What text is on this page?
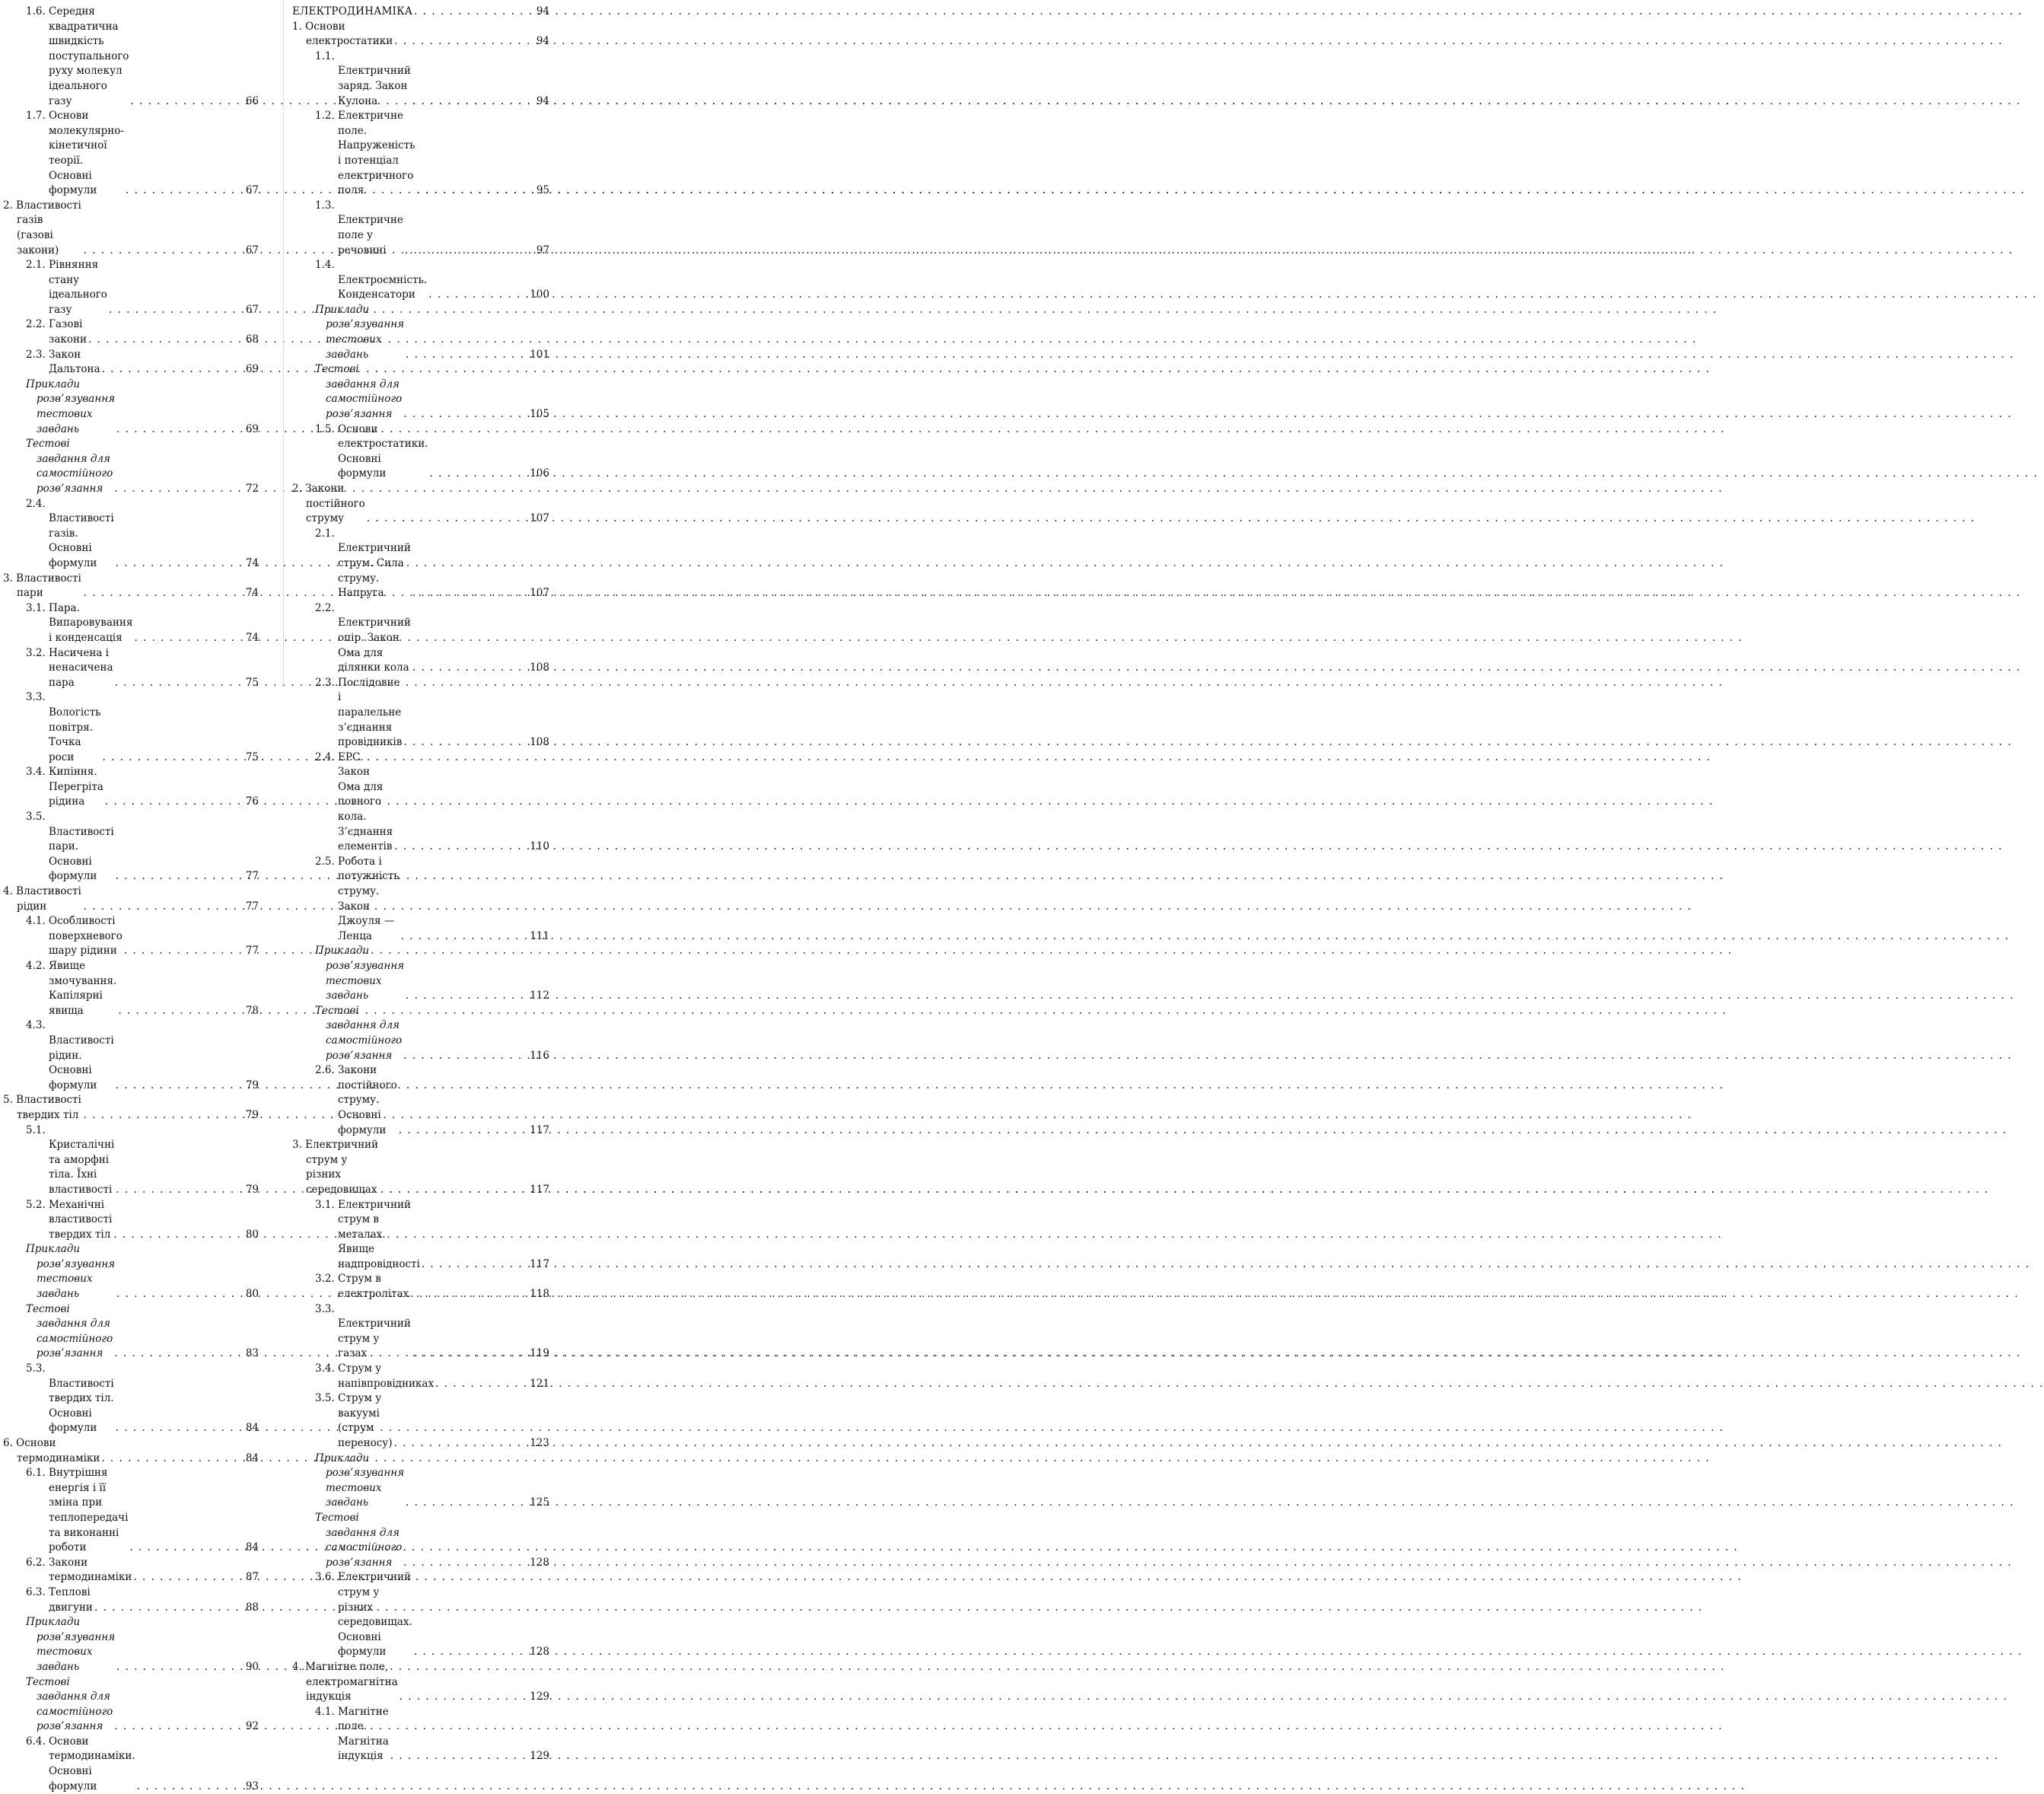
1.6. Середня квадратична швидкість поступального руху молекул ідеального газу . . .	66
1.7. Основи молекулярно-кінетичної теорії. Основні формули . . .	67
2. Властивості газів (газові закони) . . .	67
2.1. Рівняння стану ідеального газу . . .	67
2.2. Газові закони . . .	68
2.3. Закон Дальтона . . .	69
Приклади розв’язування тестових завдань . . .	69
Тестові завдання для самостійного розв’язання . . .	72
2.4. Властивості газів. Основні формули . . .	74
3. Властивості пари . . .	74
3.1. Пара. Випаровування і конденсація . . .	74
3.2. Насичена і ненасичена пара . . .	75
3.3. Вологість повітря. Точка роси . . .	75
3.4. Кипіння. Перегріта рідина . . .	76
3.5. Властивості пари. Основні формули . . .	77
4. Властивості рідин . . .	77
4.1. Особливості поверхневого шару рідини . . .	77
4.2. Явище змочування. Капілярні явища . . .	78
4.3. Властивості рідин. Основні формули . . .	79
5. Властивості твердих тіл . . .	79
5.1. Кристалічні та аморфні тіла. Їхні властивості . . .	79
5.2. Механічні властивості твердих тіл . . .	80
Приклади розв’язування тестових завдань . . .	80
Тестові завдання для самостійного розв’язання . . .	83
5.3. Властивості твердих тіл. Основні формули . . .	84
6. Основи термодинаміки . . .	84
6.1. Внутрішня енергія і її зміна при теплопередачі та виконанні роботи . . .	84
6.2. Закони термодинаміки . . .	87
6.3. Теплові двигуни . . .	88
Приклади розв’язування тестових завдань . . .	90
Тестові завдання для самостійного розв’язання . . .	92
6.4. Основи термодинаміки. Основні формули . . .	93
ЕЛЕКТРОДИНАМІКА . . .	94
1. Основи електростатики . . .	94
1.1. Електричний заряд. Закон Кулона . . .	94
1.2. Електричне поле. Напруженість і потенціал електричного поля . . .	95
1.3. Електричне поле у речовині . . .	97
1.4. Електроємність. Конденсатори . . .	100
Приклади розв’язування тестових завдань . . .	101
Тестові завдання для самостійного розв’язання . . .	105
1.5. Основи електростатики. Основні формули . . .	106
2. Закони постійного струму . . .	107
2.1. Електричний струм. Сила струму. Напруга . . .	107
2.2. Електричний опір. Закон Ома для ділянки кола . . .	108
2.3. Послідовне і паралельне з’єднання провідників . . .	108
2.4. ЕРС. Закон Ома для повного кола. З’єднання елементів . . .	110
2.5. Робота і потужність струму. Закон Джоуля — Ленца . . .	111
Приклади розв’язування тестових завдань . . .	112
Тестові завдання для самостійного розв’язання . . .	116
2.6. Закони постійного струму. Основні формули . . .	117
3. Електричний струм у різних середовищах . . .	117
3.1. Електричний струм в металах. Явище надпровідності . . .	117
3.2. Струм в електролітах . . .	118
3.3. Електричний струм у газах . . .	119
3.4. Струм у напівпровідниках . . .	121
3.5. Струм у вакуумі (струм переносу) . . .	123
Приклади розв’язування тестових завдань . . .	125
Тестові завдання для самостійного розв’язання . . .	128
3.6. Електричний струм у різних середовищах. Основні формули . . .	128
4. Магнітне поле, електромагнітна індукція . . .	129
4.1. Магнітне поле. Магнітна індукція . . .	129
